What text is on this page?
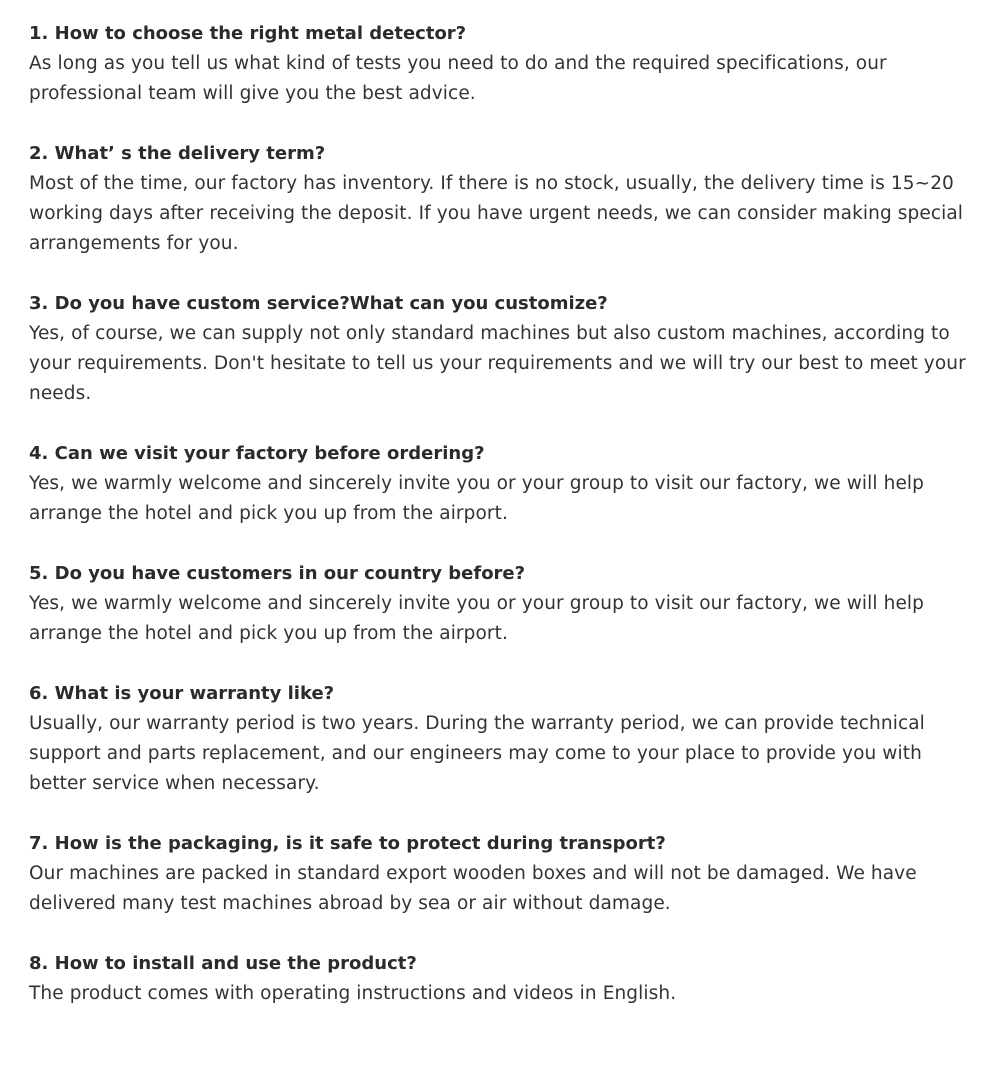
1. How to choose the right metal detector?

As long as you tell us what kind of tests you need to do and the required specifications, our professional team will give you the best advice.

2. What’ s the delivery term?

Most of the time, our factory has inventory. If there is no stock, usually, the delivery time is 15~20 working days after receiving the deposit. If you have urgent needs, we can consider making special arrangements for you.

3. Do you have custom service?What can you customize?

Yes, of course, we can supply not only standard machines but also custom machines, according to your requirements. Don't hesitate to tell us your requirements and we will try our best to meet your needs.

4. Can we visit your factory before ordering?

Yes, we warmly welcome and sincerely invite you or your group to visit our factory, we will help arrange the hotel and pick you up from the airport.

5. Do you have customers in our country before?

Yes, we warmly welcome and sincerely invite you or your group to visit our factory, we will help arrange the hotel and pick you up from the airport.

6. What is your warranty like?

Usually, our warranty period is two years. During the warranty period, we can provide technical support and parts replacement, and our engineers may come to your place to provide you with better service when necessary.

7. How is the packaging, is it safe to protect during transport?

Our machines are packed in standard export wooden boxes and will not be damaged. We have delivered many test machines abroad by sea or air without damage.

8. How to install and use the product?

The product comes with operating instructions and videos in English.
